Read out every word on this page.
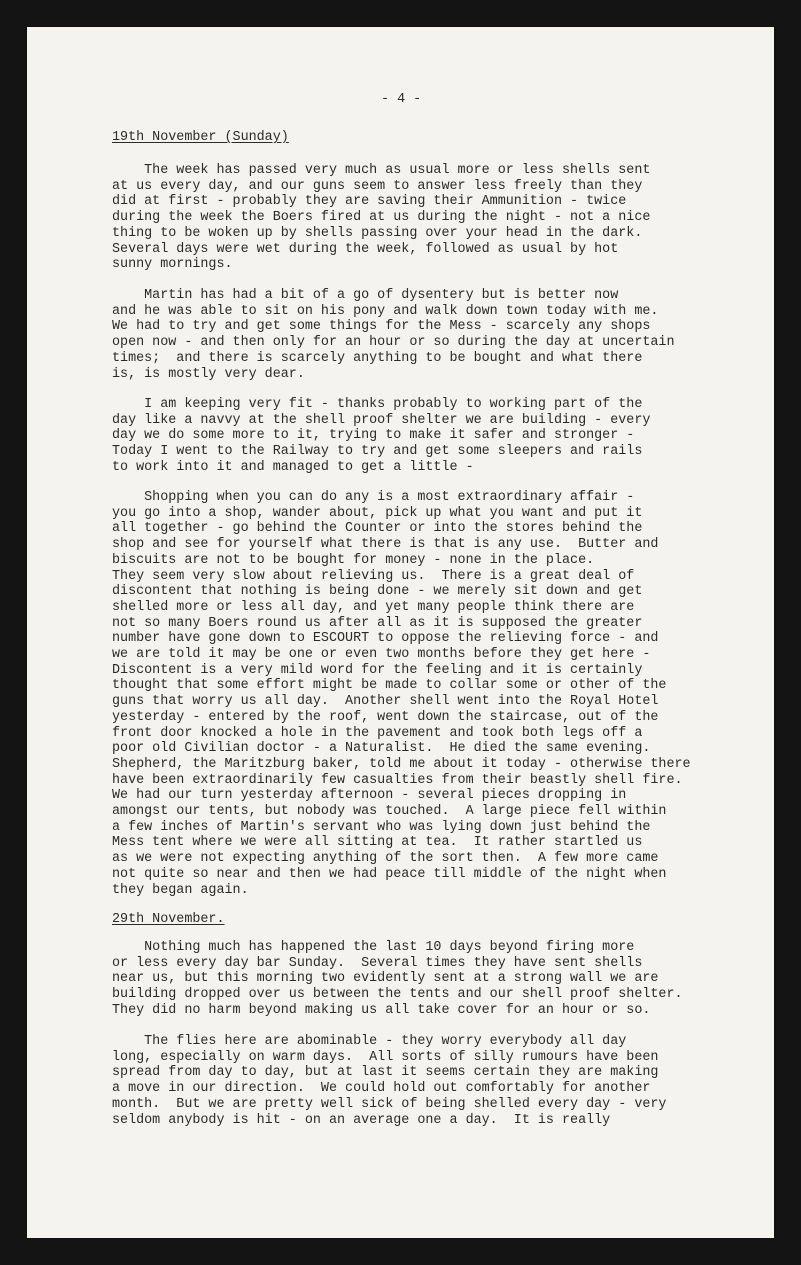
- 4 -
19th November (Sunday)
The week has passed very much as usual more or less shells sent
at us every day, and our guns seem to answer less freely than they
did at first - probably they are saving their Ammunition - twice
during the week the Boers fired at us during the night - not a nice
thing to be woken up by shells passing over your head in the dark.
Several days were wet during the week, followed as usual by hot
sunny mornings.
Martin has had a bit of a go of dysentery but is better now
and he was able to sit on his pony and walk down town today with me.
We had to try and get some things for the Mess - scarcely any shops
open now - and then only for an hour or so during the day at uncertain
times;  and there is scarcely anything to be bought and what there
is, is mostly very dear.
I am keeping very fit - thanks probably to working part of the
day like a navvy at the shell proof shelter we are building - every
day we do some more to it, trying to make it safer and stronger -
Today I went to the Railway to try and get some sleepers and rails
to work into it and managed to get a little -
Shopping when you can do any is a most extraordinary affair -
you go into a shop, wander about, pick up what you want and put it
all together - go behind the Counter or into the stores behind the
shop and see for yourself what there is that is any use.  Butter and
biscuits are not to be bought for money - none in the place.
They seem very slow about relieving us.  There is a great deal of
discontent that nothing is being done - we merely sit down and get
shelled more or less all day, and yet many people think there are
not so many Boers round us after all as it is supposed the greater
number have gone down to ESCOURT to oppose the relieving force - and
we are told it may be one or even two months before they get here -
Discontent is a very mild word for the feeling and it is certainly
thought that some effort might be made to collar some or other of the
guns that worry us all day.  Another shell went into the Royal Hotel
yesterday - entered by the roof, went down the staircase, out of the
front door knocked a hole in the pavement and took both legs off a
poor old Civilian doctor - a Naturalist.  He died the same evening.
Shepherd, the Maritzburg baker, told me about it today - otherwise there
have been extraordinarily few casualties from their beastly shell fire.
We had our turn yesterday afternoon - several pieces dropping in
amongst our tents, but nobody was touched.  A large piece fell within
a few inches of Martin's servant who was lying down just behind the
Mess tent where we were all sitting at tea.  It rather startled us
as we were not expecting anything of the sort then.  A few more came
not quite so near and then we had peace till middle of the night when
they began again.
29th November.
Nothing much has happened the last 10 days beyond firing more
or less every day bar Sunday.  Several times they have sent shells
near us, but this morning two evidently sent at a strong wall we are
building dropped over us between the tents and our shell proof shelter.
They did no harm beyond making us all take cover for an hour or so.
The flies here are abominable - they worry everybody all day
long, especially on warm days.  All sorts of silly rumours have been
spread from day to day, but at last it seems certain they are making
a move in our direction.  We could hold out comfortably for another
month.  But we are pretty well sick of being shelled every day - very
seldom anybody is hit - on an average one a day.  It is really
